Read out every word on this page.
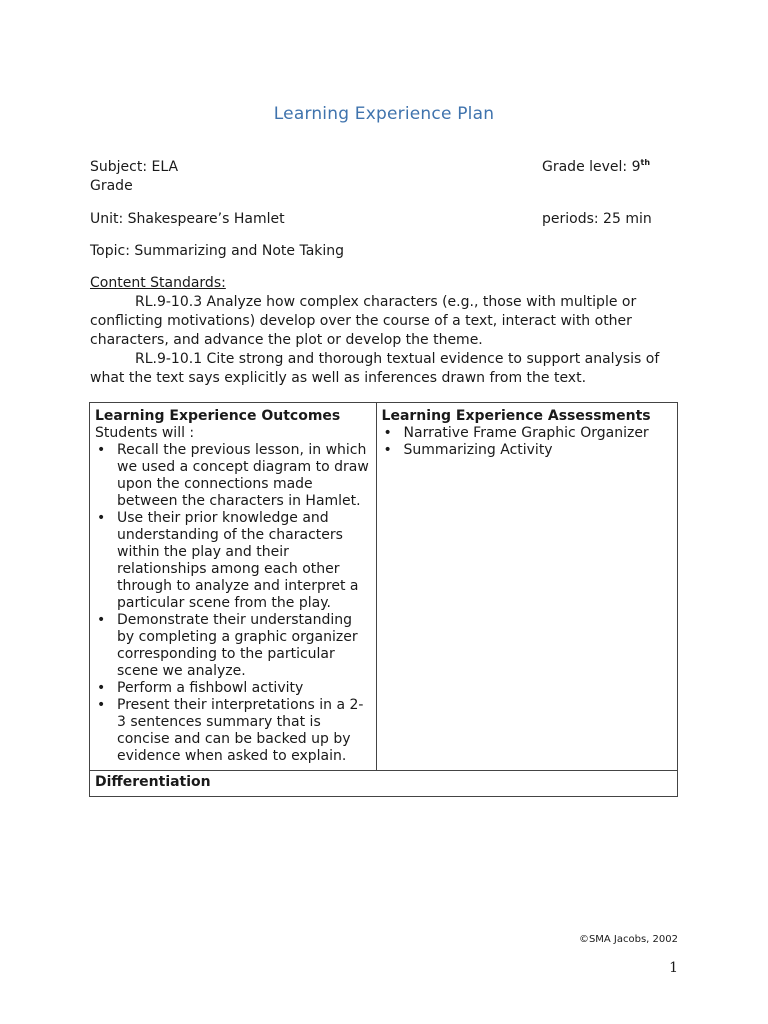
Learning Experience Plan
Subject: ELA	Grade level: 9th
Grade
Unit: Shakespeare’s Hamlet	periods: 25 min
Topic: Summarizing and Note Taking
Content Standards:

RL.9-10.3 Analyze how complex characters (e.g., those with multiple or conflicting motivations) develop over the course of a text, interact with other characters, and advance the plot or develop the theme.

RL.9-10.1 Cite strong and thorough textual evidence to support analysis of what the text says explicitly as well as inferences drawn from the text.

Learning Experience Outcomes
Students will :
• Recall the previous lesson, in which we used a concept diagram to draw upon the connections made between the characters in Hamlet.
• Use their prior knowledge and understanding of the characters within the play and their relationships among each other through to analyze and interpret a particular scene from the play.
• Demonstrate their understanding by completing a graphic organizer corresponding to the particular scene we analyze.
• Perform a fishbowl activity
• Present their interpretations in a 2-3 sentences summary that is concise and can be backed up by evidence when asked to explain.

Learning Experience Assessments
• Narrative Frame Graphic Organizer
• Summarizing Activity

Differentiation
©SMA Jacobs, 2002
1
